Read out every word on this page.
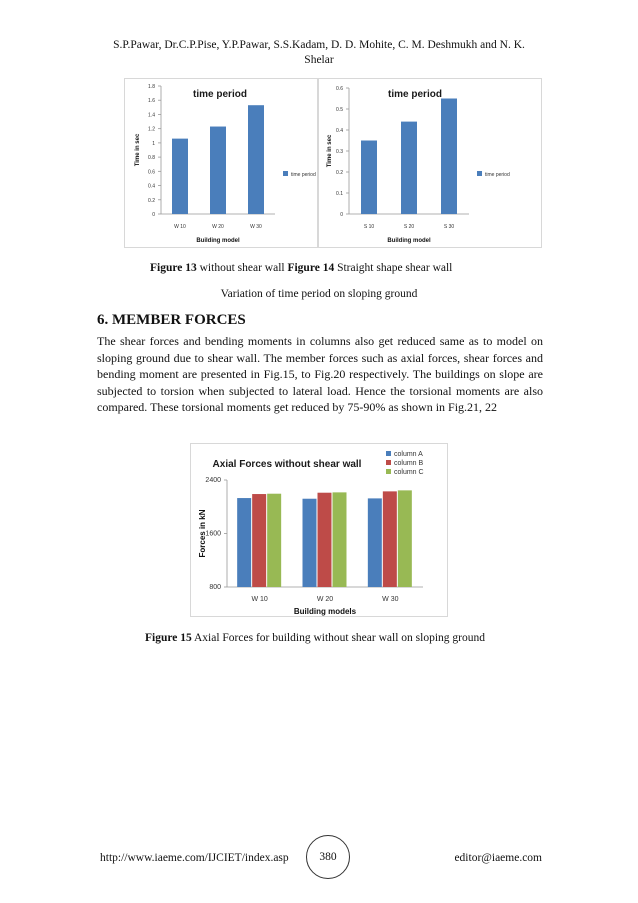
S.P.Pawar, Dr.C.P.Pise, Y.P.Pawar, S.S.Kadam, D. D. Mohite, C. M. Deshmukh and N. K.
Shelar
0
0.2
0.4
0.6
0.8
1
1.2
1.4
1.6
1.8
W 10	W 20	W 30
time period
Building model
Time in sec
time period
0
0.1
0.2
0.3
0.4
0.5
0.6
S 10	S 20	S 30
time period
Building model
Time in sec
time period
Figure 13 without shear wall Figure 14 Straight shape shear wall
Variation of time period on sloping ground
6. MEMBER FORCES
The shear forces and bending moments in columns also get reduced same as to model on sloping ground due to shear wall. The member forces such as axial forces, shear forces and bending moment are presented in Fig.15, to Fig.20 respectively. The buildings on slope are subjected to torsion when subjected to lateral load. Hence the torsional moments are also compared. These torsional moments get reduced by 75-90% as shown in Fig.21, 22
800
1600
2400
W 10	W 20	W 30
Axial Forces without shear wall
Building models
Forces in kN
column A
column B
column C
Figure 15 Axial Forces for building without shear wall on sloping ground
http://www.iaeme.com/IJCIET/index.asp	380	editor@iaeme.com
